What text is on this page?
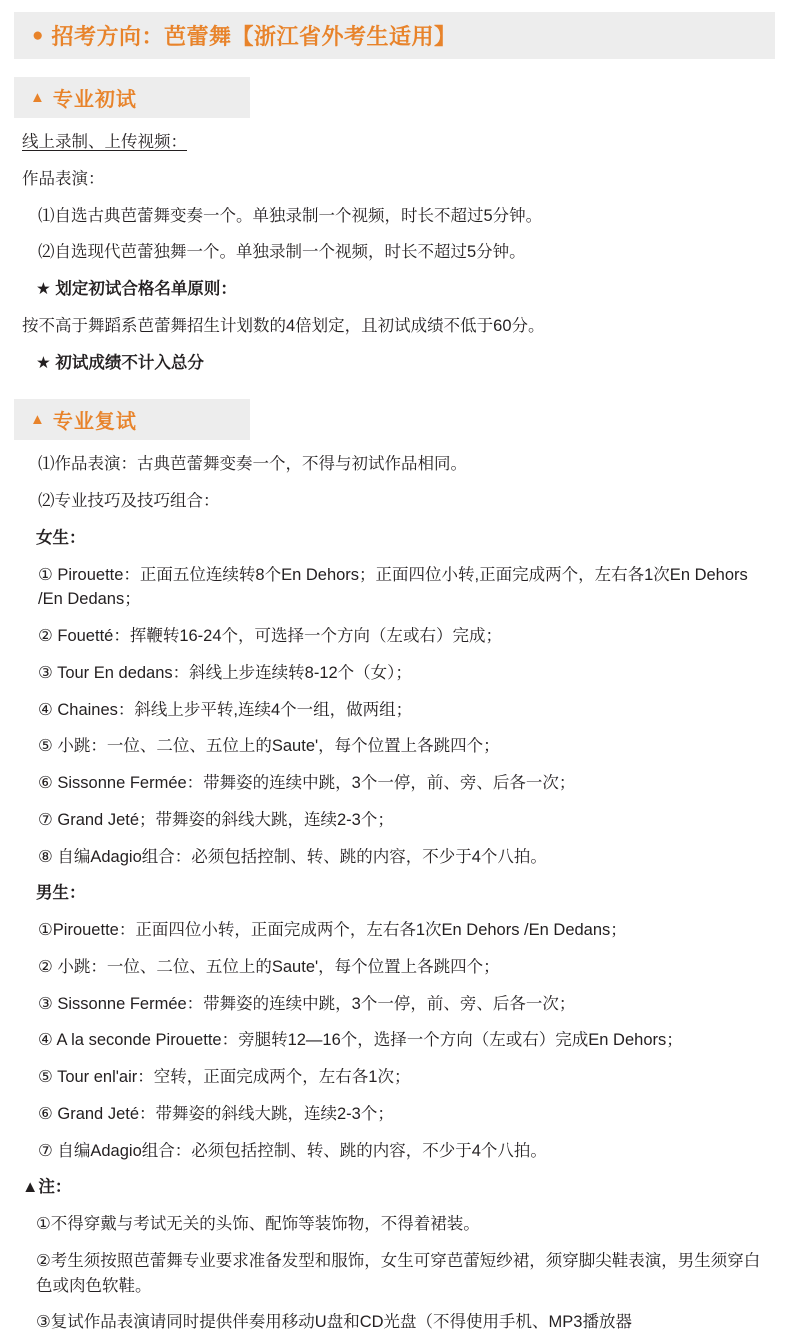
● 招考方向：芭蕾舞【浙江省外考生适用】
▲ 专业初试

线上录制、上传视频：

作品表演：

⑴自选古典芭蕾舞变奏一个。单独录制一个视频，时长不超过5分钟。

⑵自选现代芭蕾独舞一个。单独录制一个视频，时长不超过5分钟。

★ 划定初试合格名单原则：

按不高于舞蹈系芭蕾舞招生计划数的4倍划定，且初试成绩不低于60分。

★ 初试成绩不计入总分

▲ 专业复试

⑴作品表演：古典芭蕾舞变奏一个，不得与初试作品相同。

⑵专业技巧及技巧组合：

女生：

① Pirouette：正面五位连续转8个En Dehors；正面四位小转,正面完成两个，左右各1次En Dehors /En Dedans；

② Fouetté：挥鞭转16-24个，可选择一个方向（左或右）完成；

③ Tour En dedans：斜线上步连续转8-12个（女）；

④ Chaines：斜线上步平转,连续4个一组，做两组；

⑤ 小跳：一位、二位、五位上的Saute'，每个位置上各跳四个；

⑥ Sissonne Fermée：带舞姿的连续中跳，3个一停，前、旁、后各一次；

⑦ Grand Jeté；带舞姿的斜线大跳，连续2-3个；

⑧ 自编Adagio组合：必须包括控制、转、跳的内容，不少于4个八拍。

男生：

①Pirouette：正面四位小转，正面完成两个，左右各1次En Dehors /En Dedans；

② 小跳：一位、二位、五位上的Saute'，每个位置上各跳四个；

③ Sissonne Fermée：带舞姿的连续中跳，3个一停，前、旁、后各一次；

④ A la seconde Pirouette：旁腿转12—16个，选择一个方向（左或右）完成En Dehors；

⑤ Tour enl'air：空转，正面完成两个，左右各1次；

⑥ Grand Jeté：带舞姿的斜线大跳，连续2-3个；

⑦ 自编Adagio组合：必须包括控制、转、跳的内容，不少于4个八拍。

▲注：

①不得穿戴与考试无关的头饰、配饰等装饰物，不得着裙装。

②考生须按照芭蕾舞专业要求准备发型和服饰，女生可穿芭蕾短纱裙，须穿脚尖鞋表演，男生须穿白色或肉色软鞋。

③复试作品表演请同时提供伴奏用移动U盘和CD光盘（不得使用手机、MP3播放器
